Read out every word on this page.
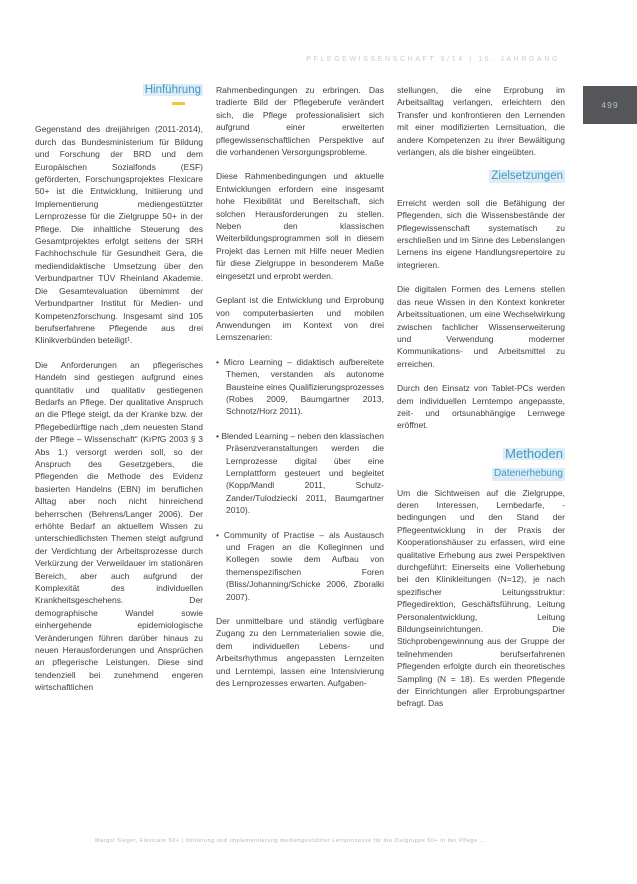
PFLEGEWISSENSCHAFT 9/14 | 16. JAHRGANG
499
Hinführung

Gegenstand des dreijährigen (2011-2014), durch das Bundesministerium für Bildung und Forschung der BRD und dem Europäischen Sozialfonds (ESF) geförderten, Forschungsprojektes Flexicare 50+ ist die Entwicklung, Initiierung und Implementierung mediengestützter Lernprozesse für die Zielgruppe 50+ in der Pflege. Die inhaltliche Steuerung des Gesamtprojektes erfolgt seitens der SRH Fachhochschule für Gesundheit Gera, die mediendidaktische Umsetzung über den Verbundpartner TÜV Rheinland Akademie. Die Gesamtevaluation übernimmt der Verbundpartner Institut für Medien- und Kompetenzforschung. Insgesamt sind 105 berufserfahrene Pflegende aus drei Klinikverbünden beteiligt¹.

Die Anforderungen an pflegerisches Handeln sind gestiegen aufgrund eines quantitativ und qualitativ gestiegenen Bedarfs an Pflege. Der qualitative Anspruch an die Pflege steigt, da der Kranke bzw. der Pflegebedürftige nach „dem neuesten Stand der Pflege – Wissenschaft“ (KrPfG 2003 § 3 Abs 1.) versorgt werden soll, so der Anspruch des Gesetzgebers, die Pflegenden die Methode des Evidenz basierten Handelns (EBN) im beruflichen Alltag aber noch nicht hinreichend beherrschen (Behrens/Langer 2006). Der erhöhte Bedarf an aktuellem Wissen zu unterschiedlichsten Themen steigt aufgrund der Verdichtung der Arbeitsprozesse durch Verkürzung der Verweildauer im stationären Bereich, aber auch aufgrund der Komplexität des individuellen Krankheitsgeschehens. Der demographische Wandel sowie einhergehende epidemiologische Veränderungen führen darüber hinaus zu neuen Herausforderungen und Ansprüchen an pflegerische Leistungen. Diese sind tendenziell bei zunehmend engeren wirtschaftlichen

Rahmenbedingungen zu erbringen. Das tradierte Bild der Pflegeberufe verändert sich, die Pflege professionalisiert sich aufgrund einer erweiterten pflegewissenschaftlichen Perspektive auf die vorhandenen Versorgungsprobleme.

Diese Rahmenbedingungen und aktuelle Entwicklungen erfordern eine insgesamt hohe Flexibilität und Bereitschaft, sich solchen Herausforderungen zu stellen. Neben den klassischen Weiterbildungsprogrammen soll in diesem Projekt das Lernen mit Hilfe neuer Medien für diese Zielgruppe in besonderem Maße eingesetzt und erprobt werden.

Geplant ist die Entwicklung und Erprobung von computerbasierten und mobilen Anwendungen im Kontext von drei Lernszenarien:

• Micro Learning – didaktisch aufbereitete Themen, verstanden als autonome Bausteine eines Qualifizierungsprozesses (Robes 2009, Baumgartner 2013, Schnotz/Horz 2011).
• Blended Learning – neben den klassischen Präsenzveranstaltungen werden die Lernprozesse digital über eine Lernplattform gesteuert und begleitet (Kopp/Mandl 2011, Schulz-Zander/Tulodziecki 2011, Baumgartner 2010).
• Community of Practise – als Austausch und Fragen an die Kolleginnen und Kollegen sowie dem Aufbau von themenspezifischen Foren (Bliss/Johanning/Schicke 2006, Zboralki 2007).

Der unmittelbare und ständig verfügbare Zugang zu den Lernmaterialien sowie die, dem individuellen Lebens- und Arbeitsrhythmus angepassten Lernzeiten und Lerntempi, lassen eine Intensivierung des Lernprozesses erwarten. Aufgaben-

stellungen, die eine Erprobung im Arbeitsalltag verlangen, erleichtern den Transfer und konfrontieren den Lernenden mit einer modifizierten Lernsituation, die andere Kompetenzen zu ihrer Bewältigung verlangen, als die bisher eingeübten.

Zielsetzungen

Erreicht werden soll die Befähigung der Pflegenden, sich die Wissensbestände der Pflegewissenschaft systematisch zu erschließen und im Sinne des Lebenslangen Lernens ins eigene Handlungsrepertoire zu integrieren.

Die digitalen Formen des Lernens stellen das neue Wissen in den Kontext konkreter Arbeitssituationen, um eine Wechselwirkung zwischen fachlicher Wissenserweiterung und Verwendung moderner Kommunikations- und Arbeitsmittel zu erreichen.

Durch den Einsatz von Tablet-PCs werden dem individuellen Lerntempo angepasste, zeit- und ortsunabhängige Lernwege eröffnet.

Methoden
Datenerhebung

Um die Sichtweisen auf die Zielgruppe, deren Interessen, Lernbedarfe, -bedingungen und den Stand der Pflegeentwicklung in der Praxis der Kooperationshäuser zu erfassen, wird eine qualitative Erhebung aus zwei Perspektiven durchgeführt: Einerseits eine Vollerhebung bei den Klinikleitungen (N=12), je nach spezifischer Leitungsstruktur: Pflegedirektion, Geschäftsführung, Leitung Personalentwicklung, Leitung Bildungseinrichtungen. Die Stichprobengewinnung aus der Gruppe der teilnehmenden berufserfahrenen Pflegenden erfolgte durch ein theoretisches Sampling (N = 18). Es werden Pflegende der Einrichtungen aller Erprobungspartner befragt. Das

Margot Sieger, Flexicare 50+ | Initiierung und Implementierung mediengestützter Lernprozesse für die Zielgruppe 50+ in der Pflege ...
